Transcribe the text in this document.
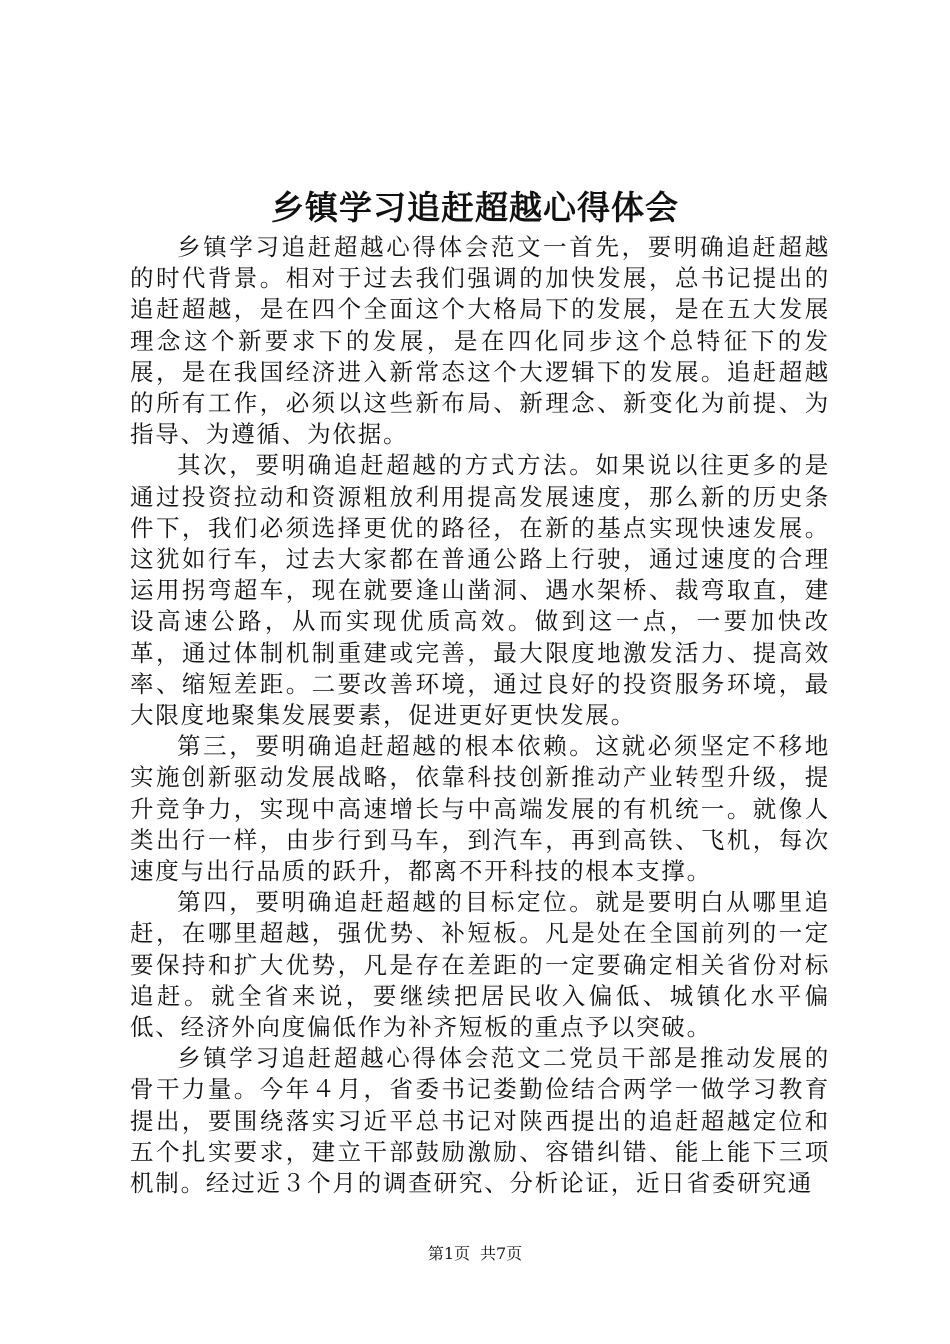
乡镇学习追赶超越心得体会

乡镇学习追赶超越心得体会范文一首先，要明确追赶超越的时代背景。相对于过去我们强调的加快发展，总书记提出的追赶超越，是在四个全面这个大格局下的发展，是在五大发展理念这个新要求下的发展，是在四化同步这个总特征下的发展，是在我国经济进入新常态这个大逻辑下的发展。追赶超越的所有工作，必须以这些新布局、新理念、新变化为前提、为指导、为遵循、为依据。

其次，要明确追赶超越的方式方法。如果说以往更多的是通过投资拉动和资源粗放利用提高发展速度，那么新的历史条件下，我们必须选择更优的路径，在新的基点实现快速发展。这犹如行车，过去大家都在普通公路上行驶，通过速度的合理运用拐弯超车，现在就要逢山凿洞、遇水架桥、裁弯取直，建设高速公路，从而实现优质高效。做到这一点，一要加快改革，通过体制机制重建或完善，最大限度地激发活力、提高效率、缩短差距。二要改善环境，通过良好的投资服务环境，最大限度地聚集发展要素，促进更好更快发展。

第三，要明确追赶超越的根本依赖。这就必须坚定不移地实施创新驱动发展战略，依靠科技创新推动产业转型升级，提升竞争力，实现中高速增长与中高端发展的有机统一。就像人类出行一样，由步行到马车，到汽车，再到高铁、飞机，每次速度与出行品质的跃升，都离不开科技的根本支撑。

第四，要明确追赶超越的目标定位。就是要明白从哪里追赶，在哪里超越，强优势、补短板。凡是处在全国前列的一定要保持和扩大优势，凡是存在差距的一定要确定相关省份对标追赶。就全省来说，要继续把居民收入偏低、城镇化水平偏低、经济外向度偏低作为补齐短板的重点予以突破。

乡镇学习追赶超越心得体会范文二党员干部是推动发展的骨干力量。今年４月，省委书记娄勤俭结合两学一做学习教育提出，要围绕落实习近平总书记对陕西提出的追赶超越定位和五个扎实要求，建立干部鼓励激励、容错纠错、能上能下三项机制。经过近３个月的调查研究、分析论证，近日省委研究通

第1页 共7页
